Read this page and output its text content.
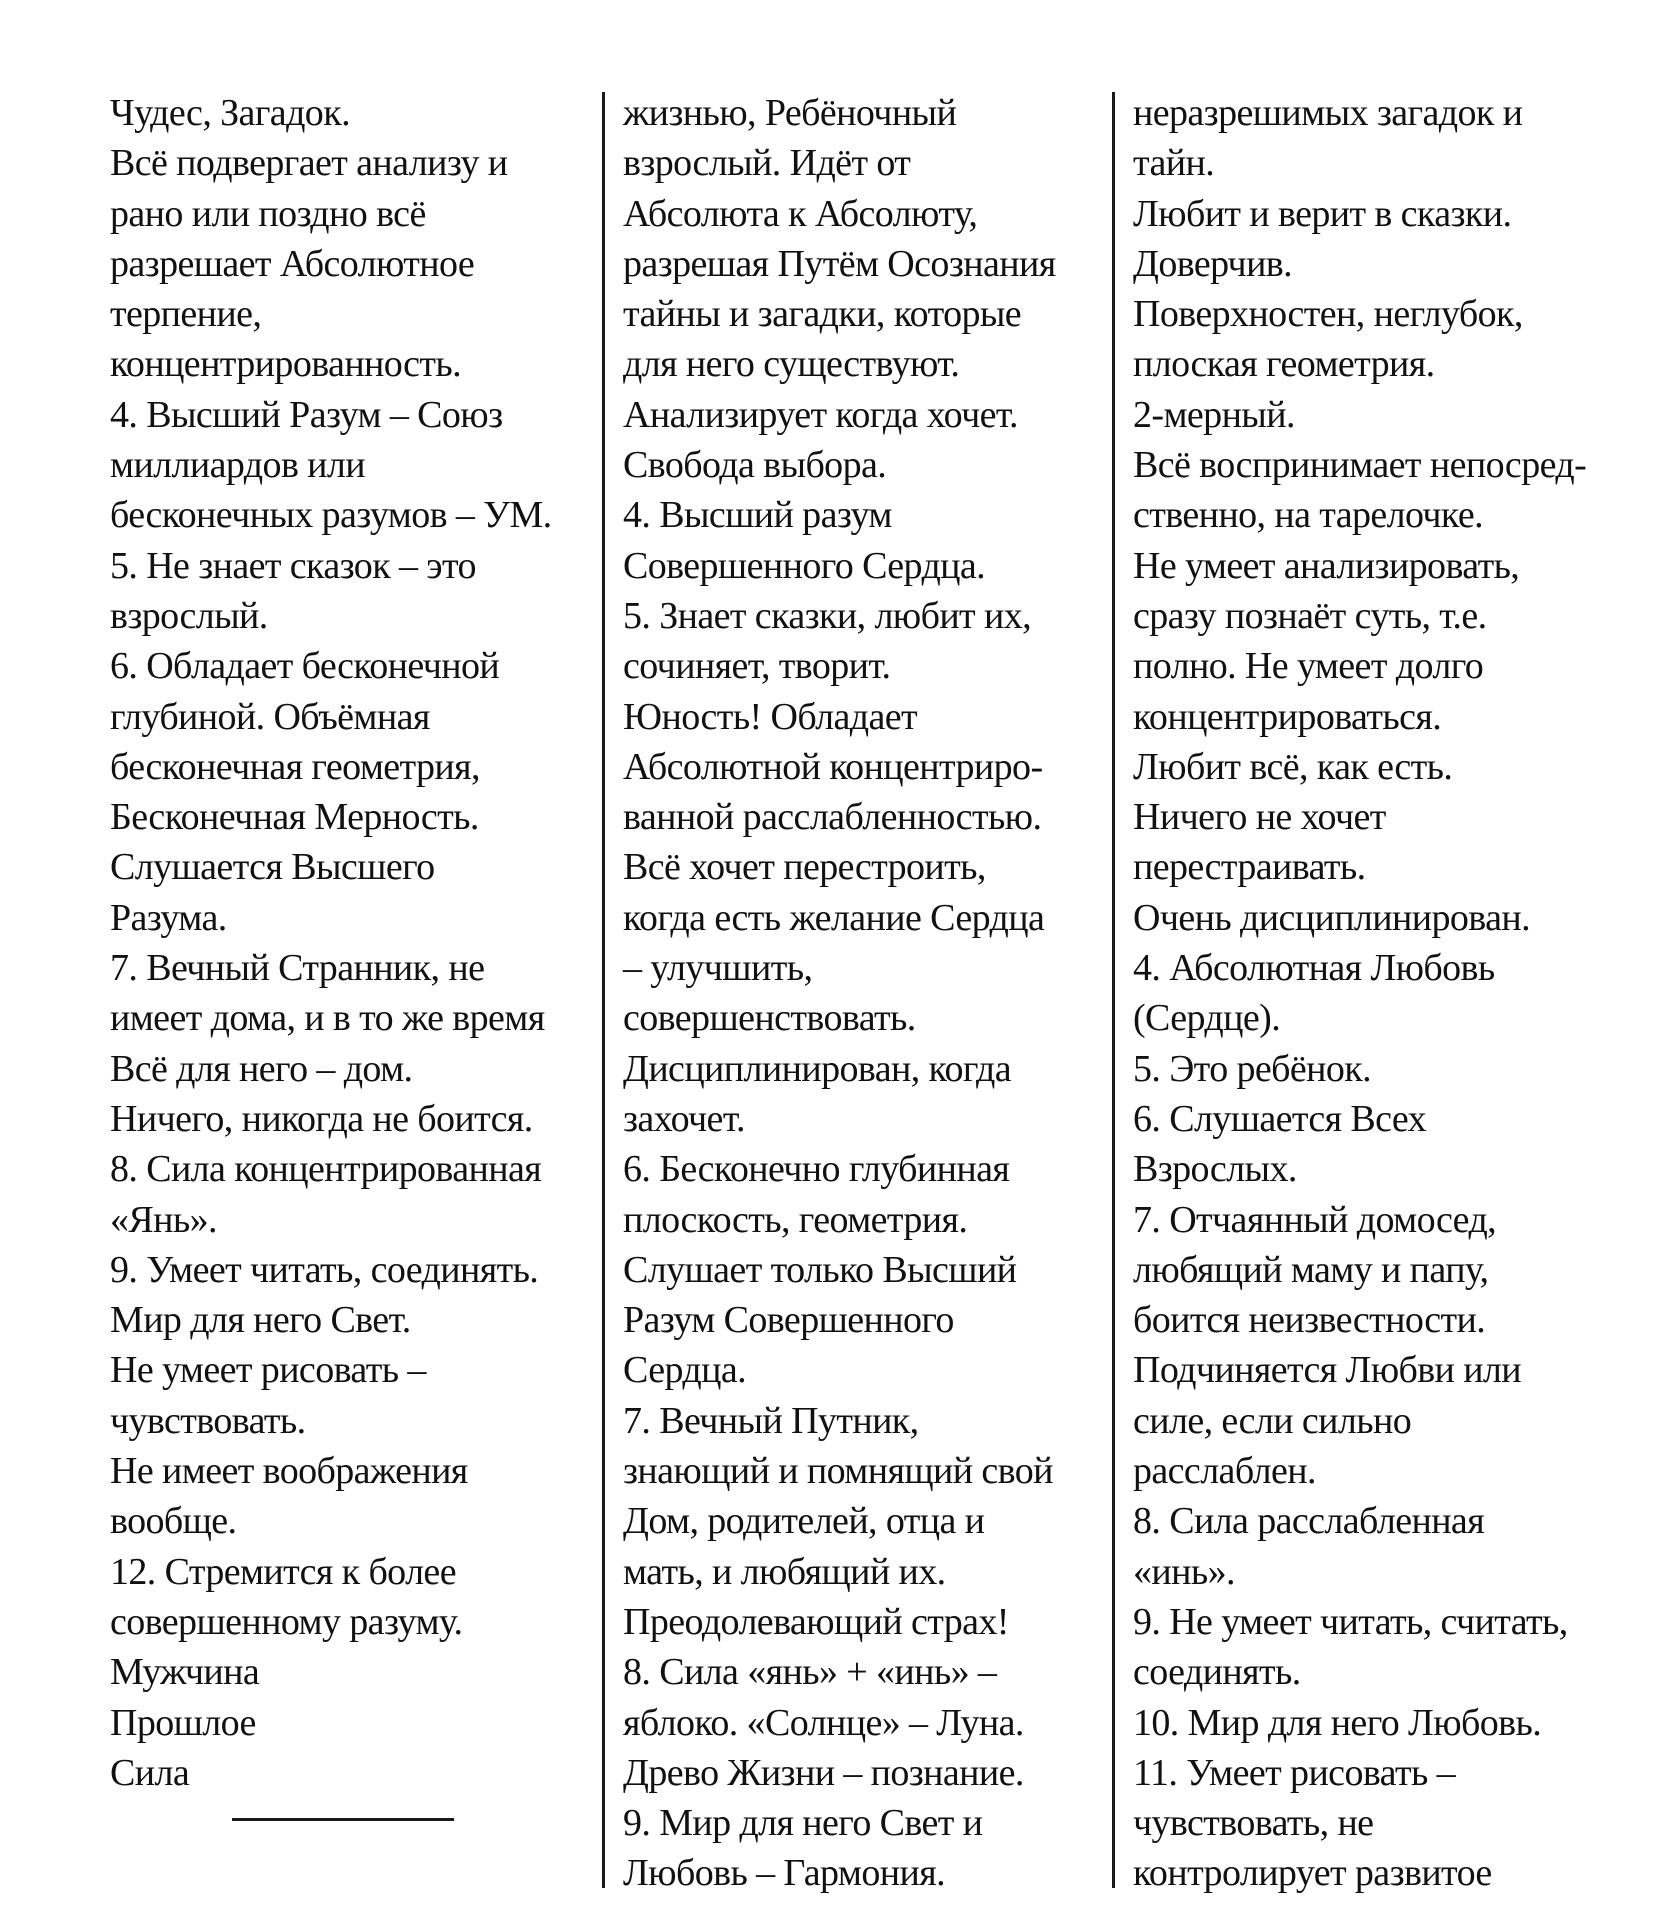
Чудес, Загадок.
Всё подвергает анализу и
рано или поздно всё
разрешает Абсолютное
терпение,
концентрированность.
4. Высший Разум – Союз
миллиардов или
бесконечных разумов – УМ.
5. Не знает сказок – это
взрослый.
6. Обладает бесконечной
глубиной. Объёмная
бесконечная геометрия,
Бесконечная Мерность.
Слушается Высшего
Разума.
7. Вечный Странник, не
имеет дома, и в то же время
Всё для него – дом.
Ничего, никогда не боится.
8. Сила концентрированная
«Янь».
9. Умеет читать, соединять.
Мир для него Свет.
Не умеет рисовать –
чувствовать.
Не имеет воображения
вообще.
12. Стремится к более
совершенному разуму.
Мужчина
Прошлое
Сила
жизнью, Ребёночный
взрослый. Идёт от
Абсолюта к Абсолюту,
разрешая Путём Осознания
тайны и загадки, которые
для него существуют.
Анализирует когда хочет.
Свобода выбора.
4. Высший разум
Совершенного Сердца.
5. Знает сказки, любит их,
сочиняет, творит.
Юность! Обладает
Абсолютной концентриро-
ванной расслабленностью.
Всё хочет перестроить,
когда есть желание Сердца
– улучшить,
совершенствовать.
Дисциплинирован, когда
захочет.
6. Бесконечно глубинная
плоскость, геометрия.
Слушает только Высший
Разум Совершенного
Сердца.
7. Вечный Путник,
знающий и помнящий свой
Дом, родителей, отца и
мать, и любящий их.
Преодолевающий страх!
8. Сила «янь» + «инь» –
яблоко. «Солнце» – Луна.
Древо Жизни – познание.
9. Мир для него Свет и
Любовь – Гармония.
неразрешимых загадок и
тайн.
Любит и верит в сказки.
Доверчив.
Поверхностен, неглубок,
плоская геометрия.
2-мерный.
Всё воспринимает непосред-
ственно, на тарелочке.
Не умеет анализировать,
сразу познаёт суть, т.е.
полно. Не умеет долго
концентрироваться.
Любит всё, как есть.
Ничего не хочет
перестраивать.
Очень дисциплинирован.
4. Абсолютная Любовь
(Сердце).
5. Это ребёнок.
6. Слушается Всех
Взрослых.
7. Отчаянный домосед,
любящий маму и папу,
боится неизвестности.
Подчиняется Любви или
силе, если сильно
расслаблен.
8. Сила расслабленная
«инь».
9. Не умеет читать, считать,
соединять.
10. Мир для него Любовь.
11. Умеет рисовать –
чувствовать, не
контролирует развитое
